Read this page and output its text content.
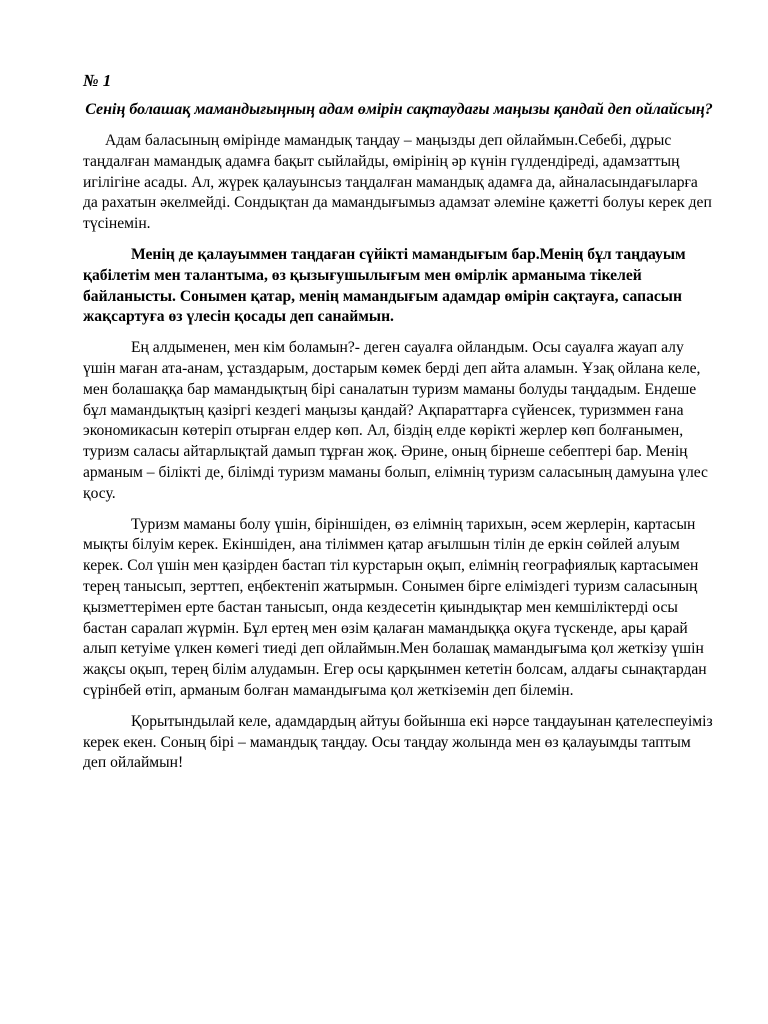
№ 1
Сенің болашақ мамандығыңның адам өмірін сақтаудағы маңызы қандай деп ойлайсың?

Адам баласының өмірінде мамандық таңдау – маңызды деп ойлаймын.Себебі, дұрыс таңдалған мамандық адамға бақыт сыйлайды, өмірінің әр күнін гүлдендіреді, адамзаттың игілігіне асады. Ал, жүрек қалауынсыз таңдалған мамандық адамға да, айналасындағыларға да рахатын әкелмейді. Сондықтан да мамандығымыз адамзат әлеміне қажетті болуы керек деп түсінемін.

Менің де қалауыммен таңдаған сүйікті мамандығым бар.Менің бұл таңдауым қабілетім мен талантыма, өз қызығушылығым мен өмірлік арманыма тікелей байланысты. Сонымен қатар, менің мамандығым адамдар өмірін сақтауға, сапасын жақсартуға өз үлесін қосады деп санаймын.

Ең алдыменен, мен кім боламын?- деген сауалға ойландым. Осы сауалға жауап алу үшін маған ата-анам, ұстаздарым, достарым көмек берді деп айта аламын. Ұзақ ойлана келе, мен болашаққа бар мамандықтың бірі саналатын туризм маманы болуды таңдадым. Ендеше бұл мамандықтың қазіргі кездегі маңызы қандай? Ақпараттарға сүйенсек, туризммен ғана экономикасын көтеріп отырған елдер көп. Ал, біздің елде көрікті жерлер көп болғанымен, туризм саласы айтарлықтай дамып тұрған жоқ. Әрине, оның бірнеше себептері бар. Менің арманым – білікті де, білімді туризм маманы болып, елімнің туризм саласының дамуына үлес қосу.

Туризм маманы болу үшін, біріншіден, өз елімнің тарихын, әсем жерлерін, картасын мықты білуім керек. Екіншіден, ана тіліммен қатар ағылшын тілін де еркін сөйлей алуым керек. Сол үшін мен қазірден бастап тіл курстарын оқып, елімнің географиялық картасымен терең танысып, зерттеп, еңбектеніп жатырмын. Сонымен бірге еліміздегі туризм саласының қызметтерімен ерте бастан танысып, онда кездесетін қиындықтар мен кемшіліктерді осы бастан саралап жүрмін. Бұл ертең мен өзім қалаған мамандыққа оқуға түскенде, ары қарай алып кетуіме үлкен көмегі тиеді деп ойлаймын.Мен болашақ мамандығыма қол жеткізу үшін жақсы оқып, терең білім алудамын. Егер осы қарқынмен кететін болсам, алдағы сынақтардан сүрінбей өтіп, арманым болған мамандығыма қол жеткіземін деп білемін.

Қорытындылай келе, адамдардың айтуы бойынша екі нәрсе таңдауынан қателеспеуіміз керек екен. Соның бірі – мамандық таңдау. Осы таңдау жолында мен өз қалауымды таптым деп ойлаймын!
